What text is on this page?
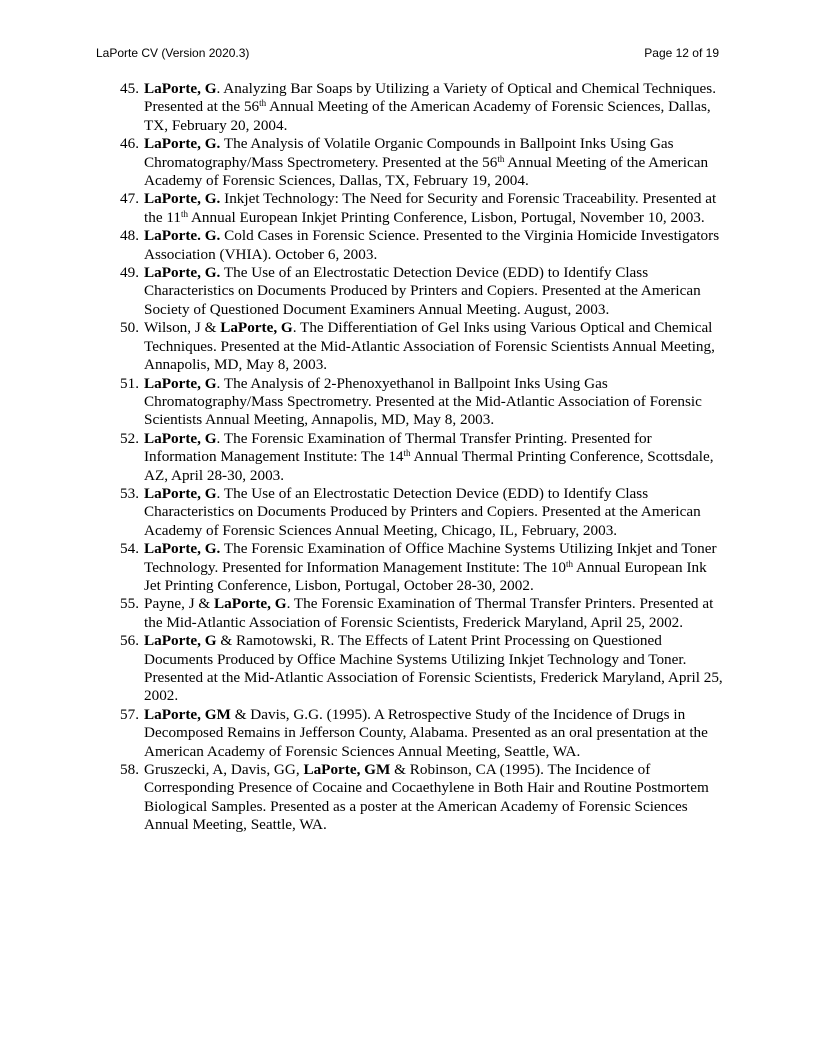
LaPorte CV (Version 2020.3)	Page 12 of 19
45. LaPorte, G. Analyzing Bar Soaps by Utilizing a Variety of Optical and Chemical Techniques. Presented at the 56th Annual Meeting of the American Academy of Forensic Sciences, Dallas, TX, February 20, 2004.
46. LaPorte, G. The Analysis of Volatile Organic Compounds in Ballpoint Inks Using Gas Chromatography/Mass Spectrometery. Presented at the 56th Annual Meeting of the American Academy of Forensic Sciences, Dallas, TX, February 19, 2004.
47. LaPorte, G. Inkjet Technology: The Need for Security and Forensic Traceability. Presented at the 11th Annual European Inkjet Printing Conference, Lisbon, Portugal, November 10, 2003.
48. LaPorte. G. Cold Cases in Forensic Science. Presented to the Virginia Homicide Investigators Association (VHIA). October 6, 2003.
49. LaPorte, G. The Use of an Electrostatic Detection Device (EDD) to Identify Class Characteristics on Documents Produced by Printers and Copiers. Presented at the American Society of Questioned Document Examiners Annual Meeting. August, 2003.
50. Wilson, J & LaPorte, G. The Differentiation of Gel Inks using Various Optical and Chemical Techniques. Presented at the Mid-Atlantic Association of Forensic Scientists Annual Meeting, Annapolis, MD, May 8, 2003.
51. LaPorte, G. The Analysis of 2-Phenoxyethanol in Ballpoint Inks Using Gas Chromatography/Mass Spectrometry. Presented at the Mid-Atlantic Association of Forensic Scientists Annual Meeting, Annapolis, MD, May 8, 2003.
52. LaPorte, G. The Forensic Examination of Thermal Transfer Printing. Presented for Information Management Institute: The 14th Annual Thermal Printing Conference, Scottsdale, AZ, April 28-30, 2003.
53. LaPorte, G. The Use of an Electrostatic Detection Device (EDD) to Identify Class Characteristics on Documents Produced by Printers and Copiers. Presented at the American Academy of Forensic Sciences Annual Meeting, Chicago, IL, February, 2003.
54. LaPorte, G. The Forensic Examination of Office Machine Systems Utilizing Inkjet and Toner Technology. Presented for Information Management Institute: The 10th Annual European Ink Jet Printing Conference, Lisbon, Portugal, October 28-30, 2002.
55. Payne, J & LaPorte, G. The Forensic Examination of Thermal Transfer Printers. Presented at the Mid-Atlantic Association of Forensic Scientists, Frederick Maryland, April 25, 2002.
56. LaPorte, G & Ramotowski, R. The Effects of Latent Print Processing on Questioned Documents Produced by Office Machine Systems Utilizing Inkjet Technology and Toner. Presented at the Mid-Atlantic Association of Forensic Scientists, Frederick Maryland, April 25, 2002.
57. LaPorte, GM & Davis, G.G. (1995). A Retrospective Study of the Incidence of Drugs in Decomposed Remains in Jefferson County, Alabama. Presented as an oral presentation at the American Academy of Forensic Sciences Annual Meeting, Seattle, WA.
58. Gruszecki, A, Davis, GG, LaPorte, GM & Robinson, CA (1995). The Incidence of Corresponding Presence of Cocaine and Cocaethylene in Both Hair and Routine Postmortem Biological Samples. Presented as a poster at the American Academy of Forensic Sciences Annual Meeting, Seattle, WA.
